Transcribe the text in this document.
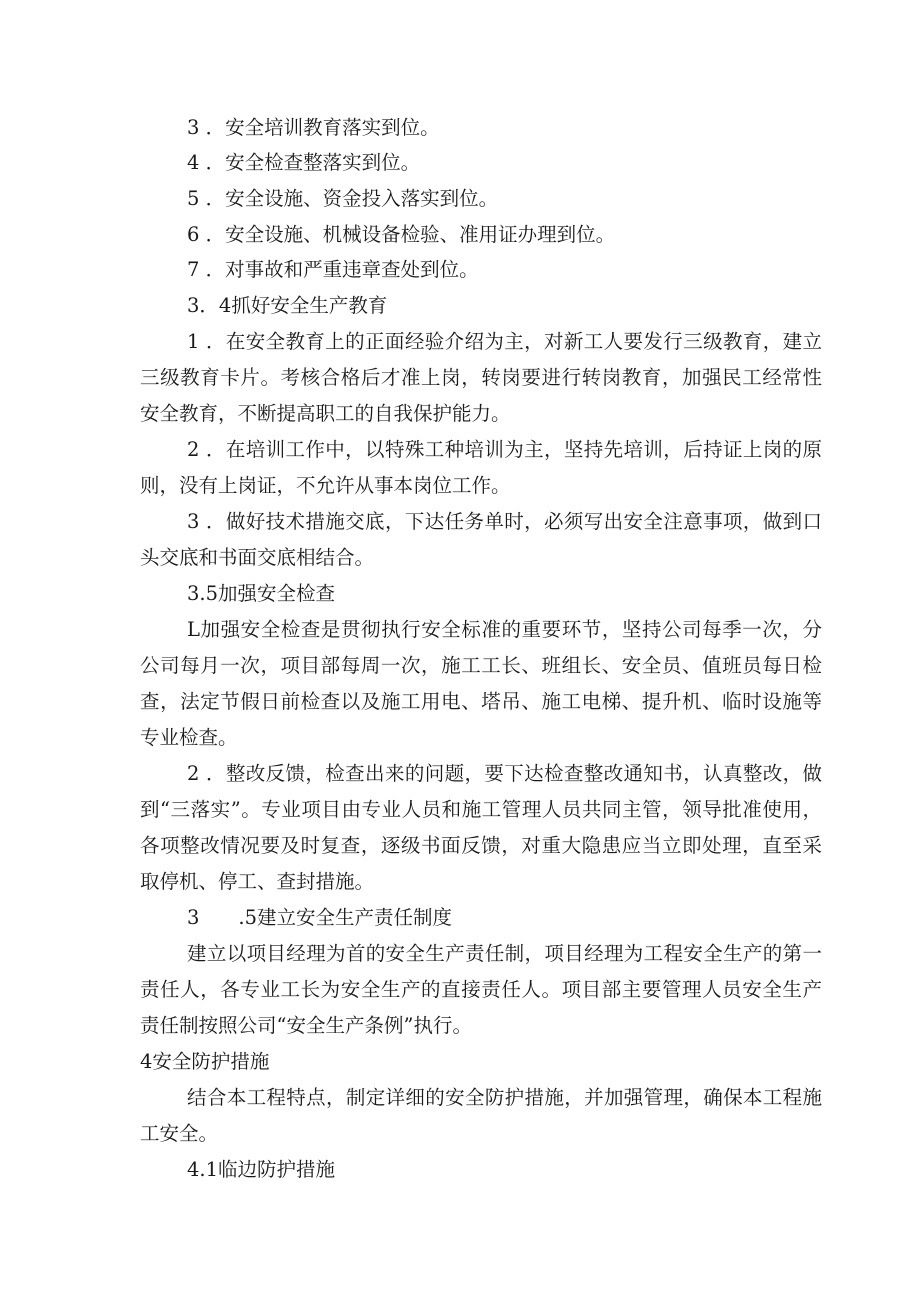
3 ．安全培训教育落实到位。
4 ．安全检查整落实到位。
5 ．安全设施、资金投入落实到位。
6 ．安全设施、机械设备检验、准用证办理到位。
7 ．对事故和严重违章查处到位。
3．4抓好安全生产教育
1 ．在安全教育上的正面经验介绍为主，对新工人要发行三级教育，建立
三级教育卡片。考核合格后才准上岗，转岗要进行转岗教育，加强民工经常性
安全教育，不断提高职工的自我保护能力。
2 ．在培训工作中，以特殊工种培训为主，坚持先培训，后持证上岗的原
则，没有上岗证，不允许从事本岗位工作。
3 ．做好技术措施交底，下达任务单时，必须写出安全注意事项，做到口
头交底和书面交底相结合。
3.5加强安全检查
L加强安全检查是贯彻执行安全标准的重要环节，坚持公司每季一次，分
公司每月一次，项目部每周一次，施工工长、班组长、安全员、值班员每日检
查，法定节假日前检查以及施工用电、塔吊、施工电梯、提升机、临时设施等
专业检查。
2 ．整改反馈，检查出来的问题，要下达检查整改通知书，认真整改，做
到“三落实”。专业项目由专业人员和施工管理人员共同主管，领导批准使用，
各项整改情况要及时复查，逐级书面反馈，对重大隐患应当立即处理，直至采
取停机、停工、查封措施。
3　　.5建立安全生产责任制度
建立以项目经理为首的安全生产责任制，项目经理为工程安全生产的第一
责任人，各专业工长为安全生产的直接责任人。项目部主要管理人员安全生产
责任制按照公司“安全生产条例”执行。
4安全防护措施
结合本工程特点，制定详细的安全防护措施，并加强管理，确保本工程施
工安全。
4.1临边防护措施
